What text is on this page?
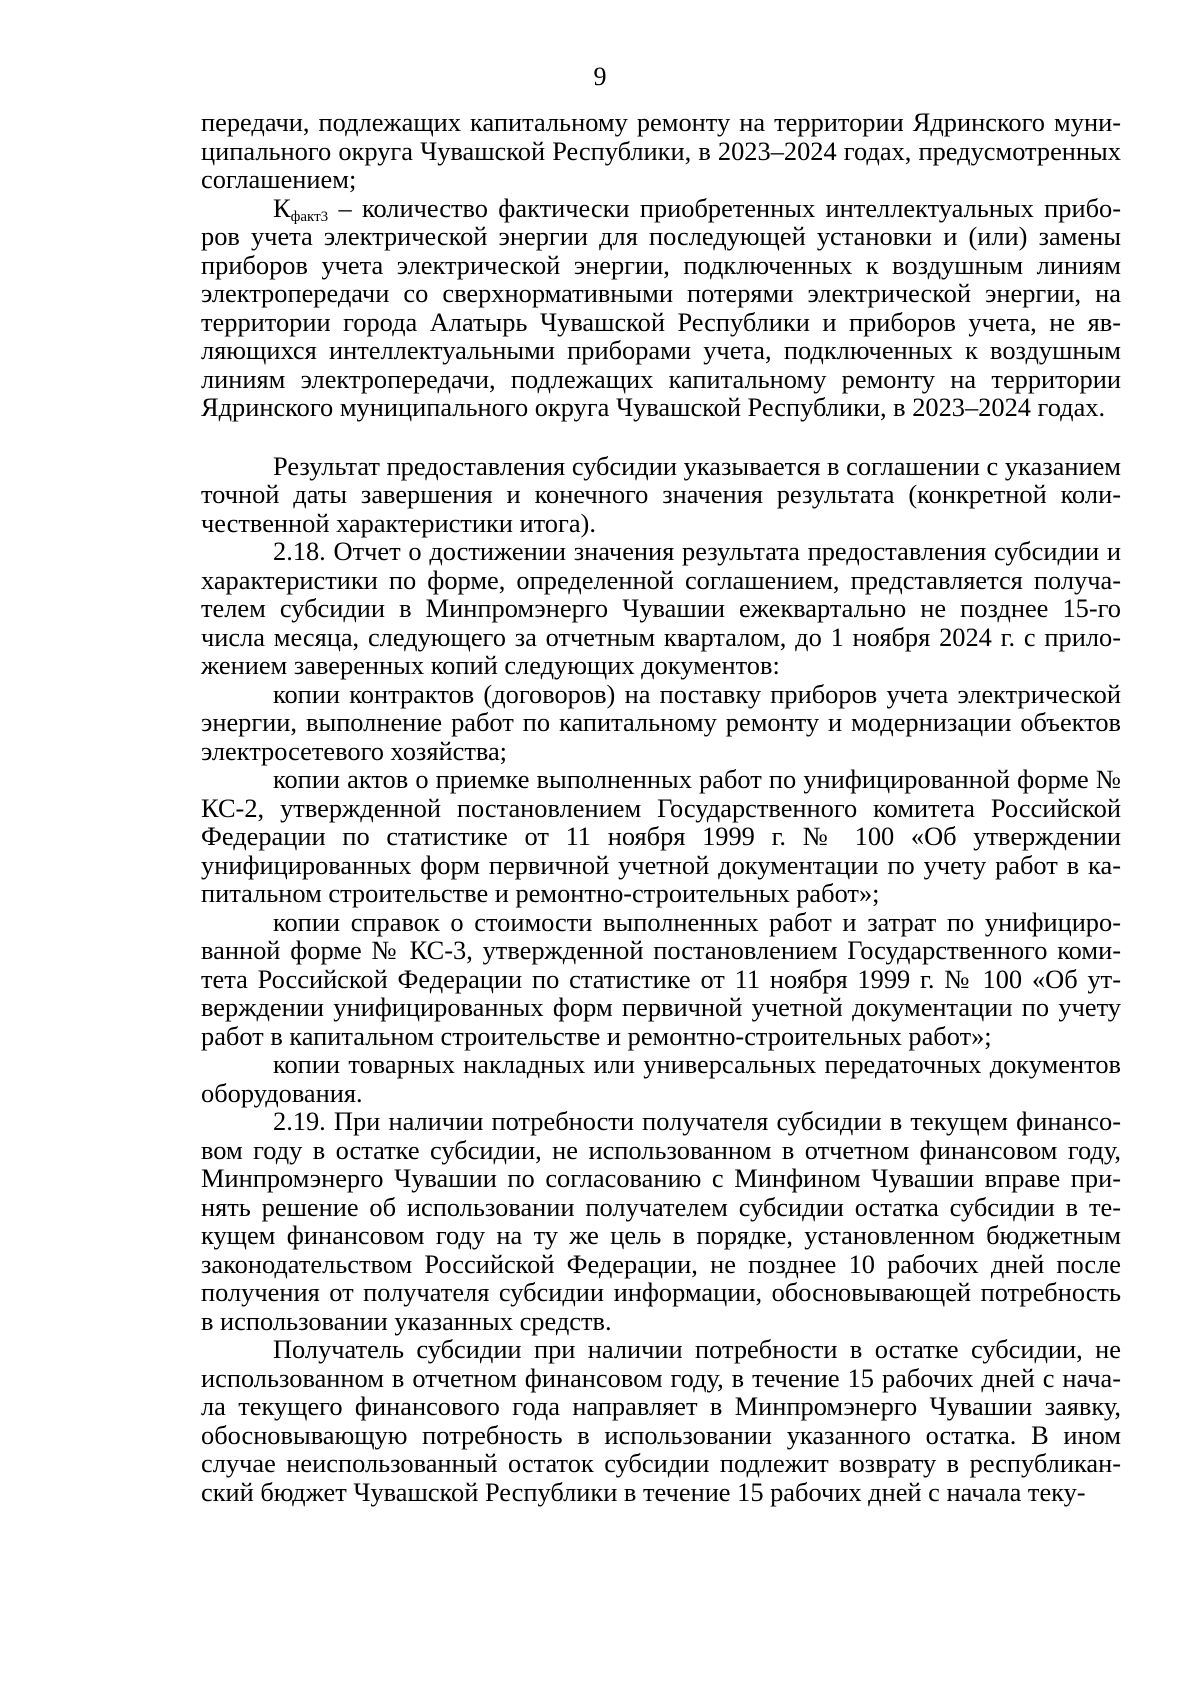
9

передачи, подлежащих капитальному ремонту на территории Ядринского муниципального округа Чувашской Республики, в 2023–2024 годах, предусмотренных соглашением;

$К_{факт3}$ – количество фактически приобретенных интеллектуальных приборов учета электрической энергии для последующей установки и (или) замены приборов учета электрической энергии, подключенных к воздушным линиям электропередачи со сверхнормативными потерями электрической энергии, на территории города Алатырь Чувашской Республики и приборов учета, не являющихся интеллектуальными приборами учета, подключенных к воздушным линиям электропередачи, подлежащих капитальному ремонту на территории Ядринского муниципального округа Чувашской Республики, в 2023–2024 годах.

Результат предоставления субсидии указывается в соглашении с указанием точной даты завершения и конечного значения результата (конкретной количественной характеристики итога).

2.18. Отчет о достижении значения результата предоставления субсидии и характеристики по форме, определенной соглашением, представляется получателем субсидии в Минпромэнерго Чувашии ежеквартально не позднее 15-го числа месяца, следующего за отчетным кварталом, до 1 ноября 2024 г. с приложением заверенных копий следующих документов:

копии контрактов (договоров) на поставку приборов учета электрической энергии, выполнение работ по капитальному ремонту и модернизации объектов электросетевого хозяйства;

копии актов о приемке выполненных работ по унифицированной форме № КС-2, утвержденной постановлением Государственного комитета Российской Федерации по статистике от 11 ноября 1999 г. № 100 «Об утверждении унифицированных форм первичной учетной документации по учету работ в капитальном строительстве и ремонтно-строительных работ»;

копии справок о стоимости выполненных работ и затрат по унифицированной форме № КС-3, утвержденной постановлением Государственного комитета Российской Федерации по статистике от 11 ноября 1999 г. № 100 «Об утверждении унифицированных форм первичной учетной документации по учету работ в капитальном строительстве и ремонтно-строительных работ»;

копии товарных накладных или универсальных передаточных документов оборудования.

2.19. При наличии потребности получателя субсидии в текущем финансовом году в остатке субсидии, не использованном в отчетном финансовом году, Минпромэнерго Чувашии по согласованию с Минфином Чувашии вправе принять решение об использовании получателем субсидии остатка субсидии в текущем финансовом году на ту же цель в порядке, установленном бюджетным законодательством Российской Федерации, не позднее 10 рабочих дней после получения от получателя субсидии информации, обосновывающей потребность в использовании указанных средств.

Получатель субсидии при наличии потребности в остатке субсидии, не использованном в отчетном финансовом году, в течение 15 рабочих дней с начала текущего финансового года направляет в Минпромэнерго Чувашии заявку, обосновывающую потребность в использовании указанного остатка. В ином случае неиспользованный остаток субсидии подлежит возврату в республиканский бюджет Чувашской Республики в течение 15 рабочих дней с начала теку-
